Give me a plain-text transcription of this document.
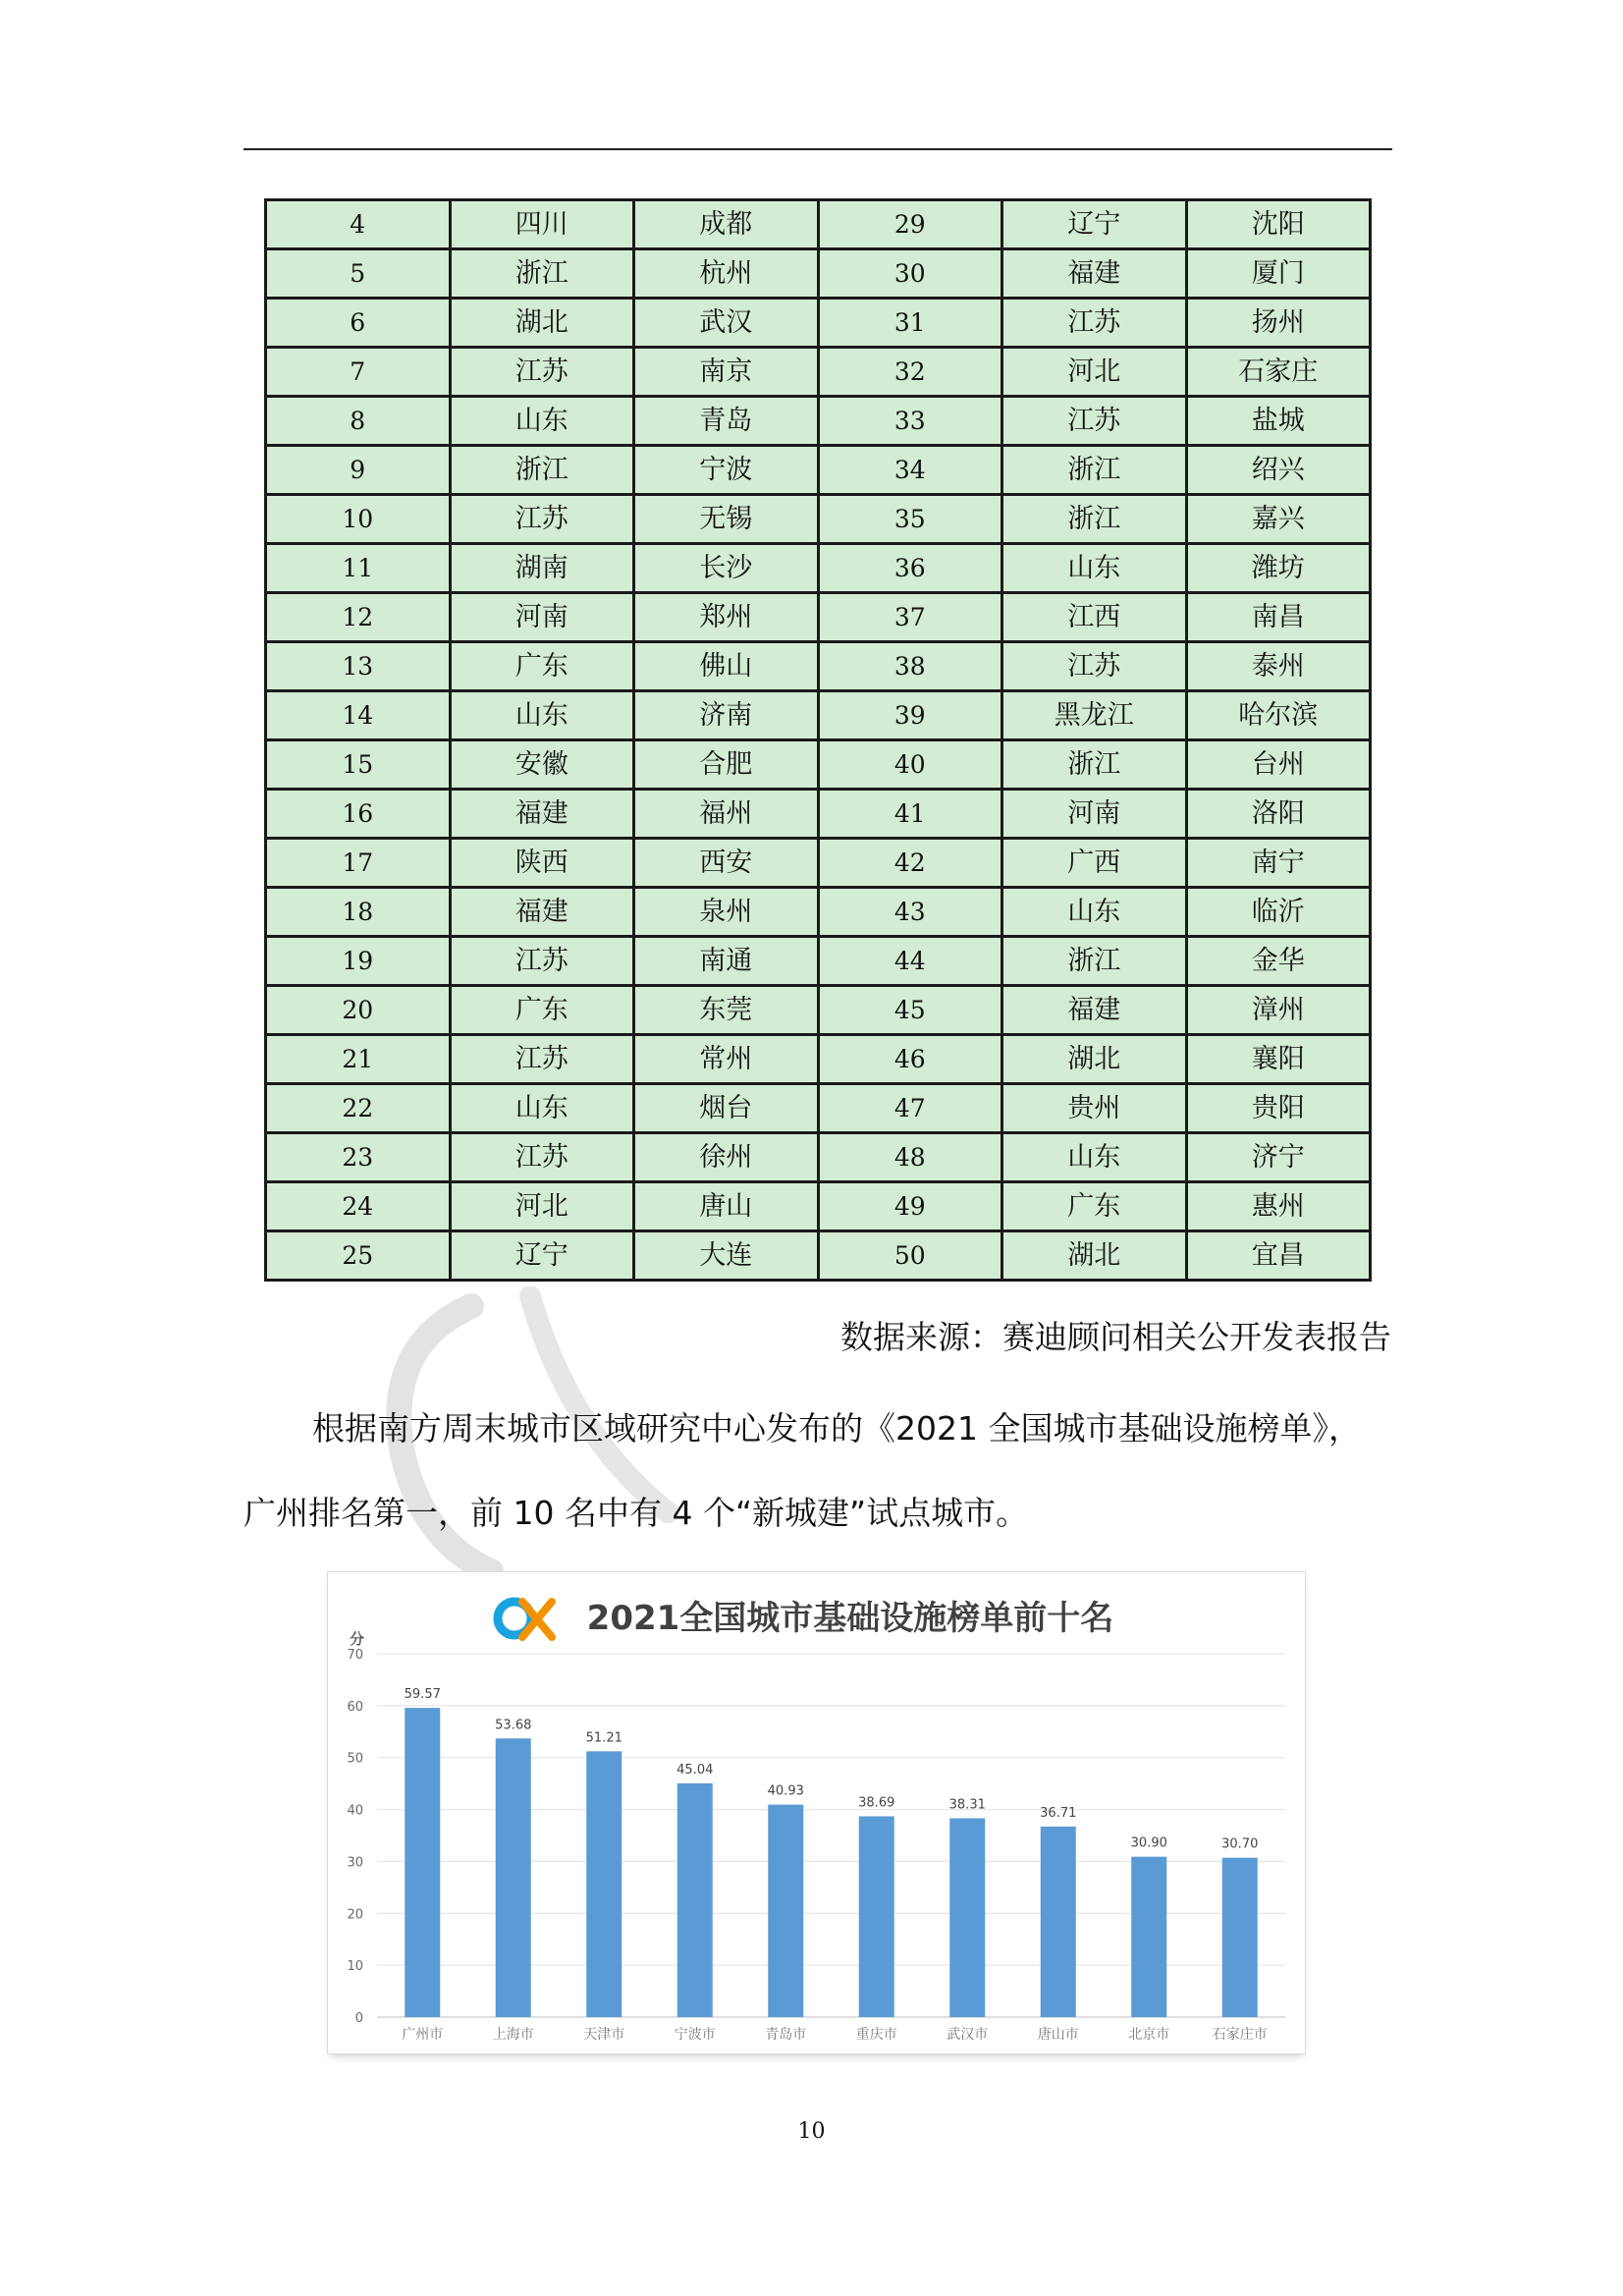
4	四川	成都	29	辽宁	沈阳
5	浙江	杭州	30	福建	厦门
6	湖北	武汉	31	江苏	扬州
7	江苏	南京	32	河北	石家庄
8	山东	青岛	33	江苏	盐城
9	浙江	宁波	34	浙江	绍兴
10	江苏	无锡	35	浙江	嘉兴
11	湖南	长沙	36	山东	潍坊
12	河南	郑州	37	江西	南昌
13	广东	佛山	38	江苏	泰州
14	山东	济南	39	黑龙江	哈尔滨
15	安徽	合肥	40	浙江	台州
16	福建	福州	41	河南	洛阳
17	陕西	西安	42	广西	南宁
18	福建	泉州	43	山东	临沂
19	江苏	南通	44	浙江	金华
20	广东	东莞	45	福建	漳州
21	江苏	常州	46	湖北	襄阳
22	山东	烟台	47	贵州	贵阳
23	江苏	徐州	48	山东	济宁
24	河北	唐山	49	广东	惠州
25	辽宁	大连	50	湖北	宜昌
数据来源：赛迪顾问相关公开发表报告
根据南方周末城市区域研究中心发布的《2021 全国城市基础设施榜单》，广州排名第一，前 10 名中有 4 个“新城建”试点城市。
2021全国城市基础设施榜单前十名
分
0
10
20
30
40
50
60
70
59.57
广州市
53.68
上海市
51.21
天津市
45.04
宁波市
40.93
青岛市
38.69
重庆市
38.31
武汉市
36.71
唐山市
30.90
北京市
30.70
石家庄市
10
